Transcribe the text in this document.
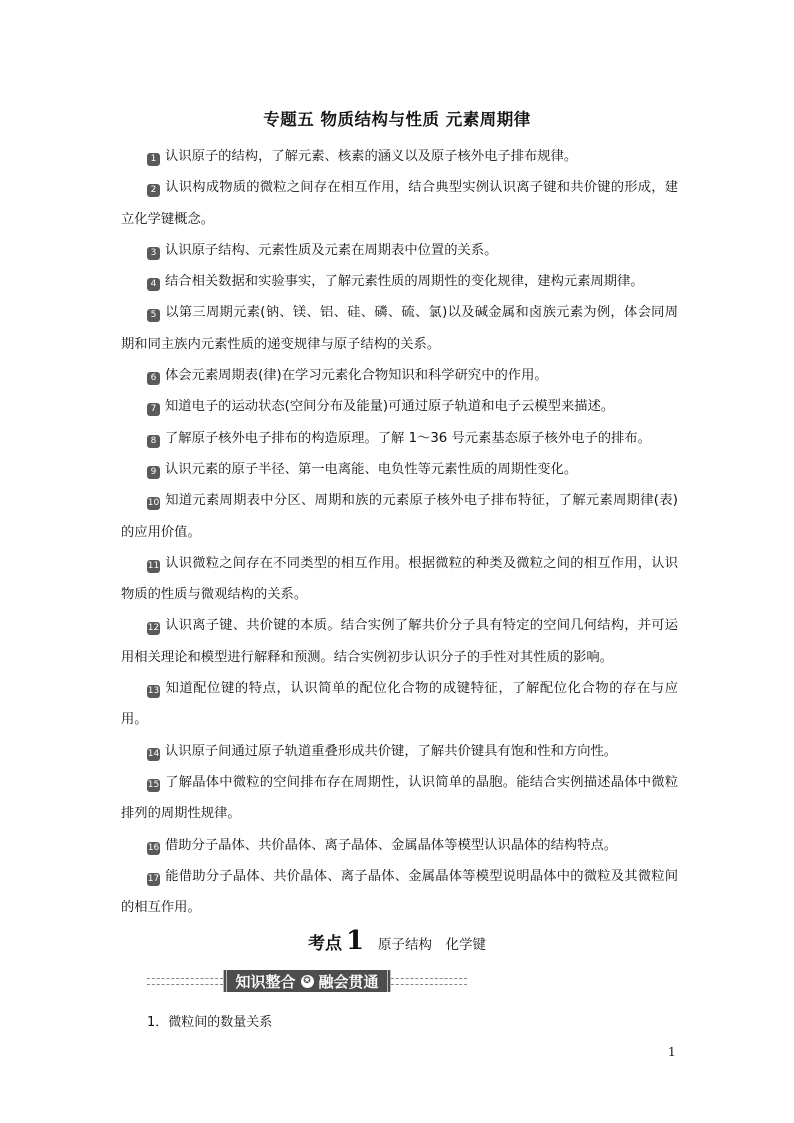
专题五 物质结构与性质 元素周期律

1 认识原子的结构，了解元素、核素的涵义以及原子核外电子排布规律。

2 认识构成物质的微粒之间存在相互作用，结合典型实例认识离子键和共价键的形成，建立化学键概念。

3 认识原子结构、元素性质及元素在周期表中位置的关系。

4 结合相关数据和实验事实，了解元素性质的周期性的变化规律，建构元素周期律。

5 以第三周期元素(钠、镁、铝、硅、磷、硫、氯)以及碱金属和卤族元素为例，体会同周期和同主族内元素性质的递变规律与原子结构的关系。

6 体会元素周期表(律)在学习元素化合物知识和科学研究中的作用。

7 知道电子的运动状态(空间分布及能量)可通过原子轨道和电子云模型来描述。

8 了解原子核外电子排布的构造原理。了解 1～36 号元素基态原子核外电子的排布。

9 认识元素的原子半径、第一电离能、电负性等元素性质的周期性变化。

10 知道元素周期表中分区、周期和族的元素原子核外电子排布特征，了解元素周期律(表)的应用价值。

11 认识微粒之间存在不同类型的相互作用。根据微粒的种类及微粒之间的相互作用，认识物质的性质与微观结构的关系。

12 认识离子键、共价键的本质。结合实例了解共价分子具有特定的空间几何结构，并可运用相关理论和模型进行解释和预测。结合实例初步认识分子的手性对其性质的影响。

13 知道配位键的特点，认识简单的配位化合物的成键特征，了解配位化合物的存在与应用。

14 认识原子间通过原子轨道重叠形成共价键，了解共价键具有饱和性和方向性。

15 了解晶体中微粒的空间排布存在周期性，认识简单的晶胞。能结合实例描述晶体中微粒排列的周期性规律。

16 借助分子晶体、共价晶体、离子晶体、金属晶体等模型认识晶体的结构特点。

17 能借助分子晶体、共价晶体、离子晶体、金属晶体等模型说明晶体中的微粒及其微粒间的相互作用。

考点 1 原子结构　化学键
知识整合 ✪ 融会贯通
1．微粒间的数量关系
1
